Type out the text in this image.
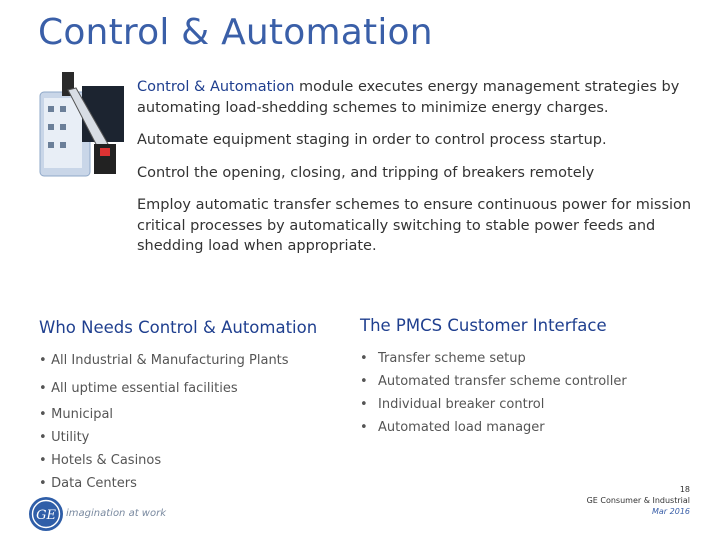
Control & Automation

Control & Automation module executes energy management strategies by automating load-shedding schemes to minimize energy charges.

Automate equipment staging in order to control process startup.

Control the opening, closing, and tripping of breakers remotely

Employ automatic transfer schemes to ensure continuous power for mission critical processes by automatically switching to stable power feeds and shedding load when appropriate.

Who Needs Control & Automation
• All Industrial & Manufacturing Plants
• All uptime essential facilities
• Municipal
• Utility
• Hotels & Casinos
• Data Centers
The PMCS Customer Interface
• Transfer scheme setup
• Automated transfer scheme controller
• Individual breaker control
• Automated load manager
GE imagination at work
18
GE Consumer & Industrial
Mar 2016
